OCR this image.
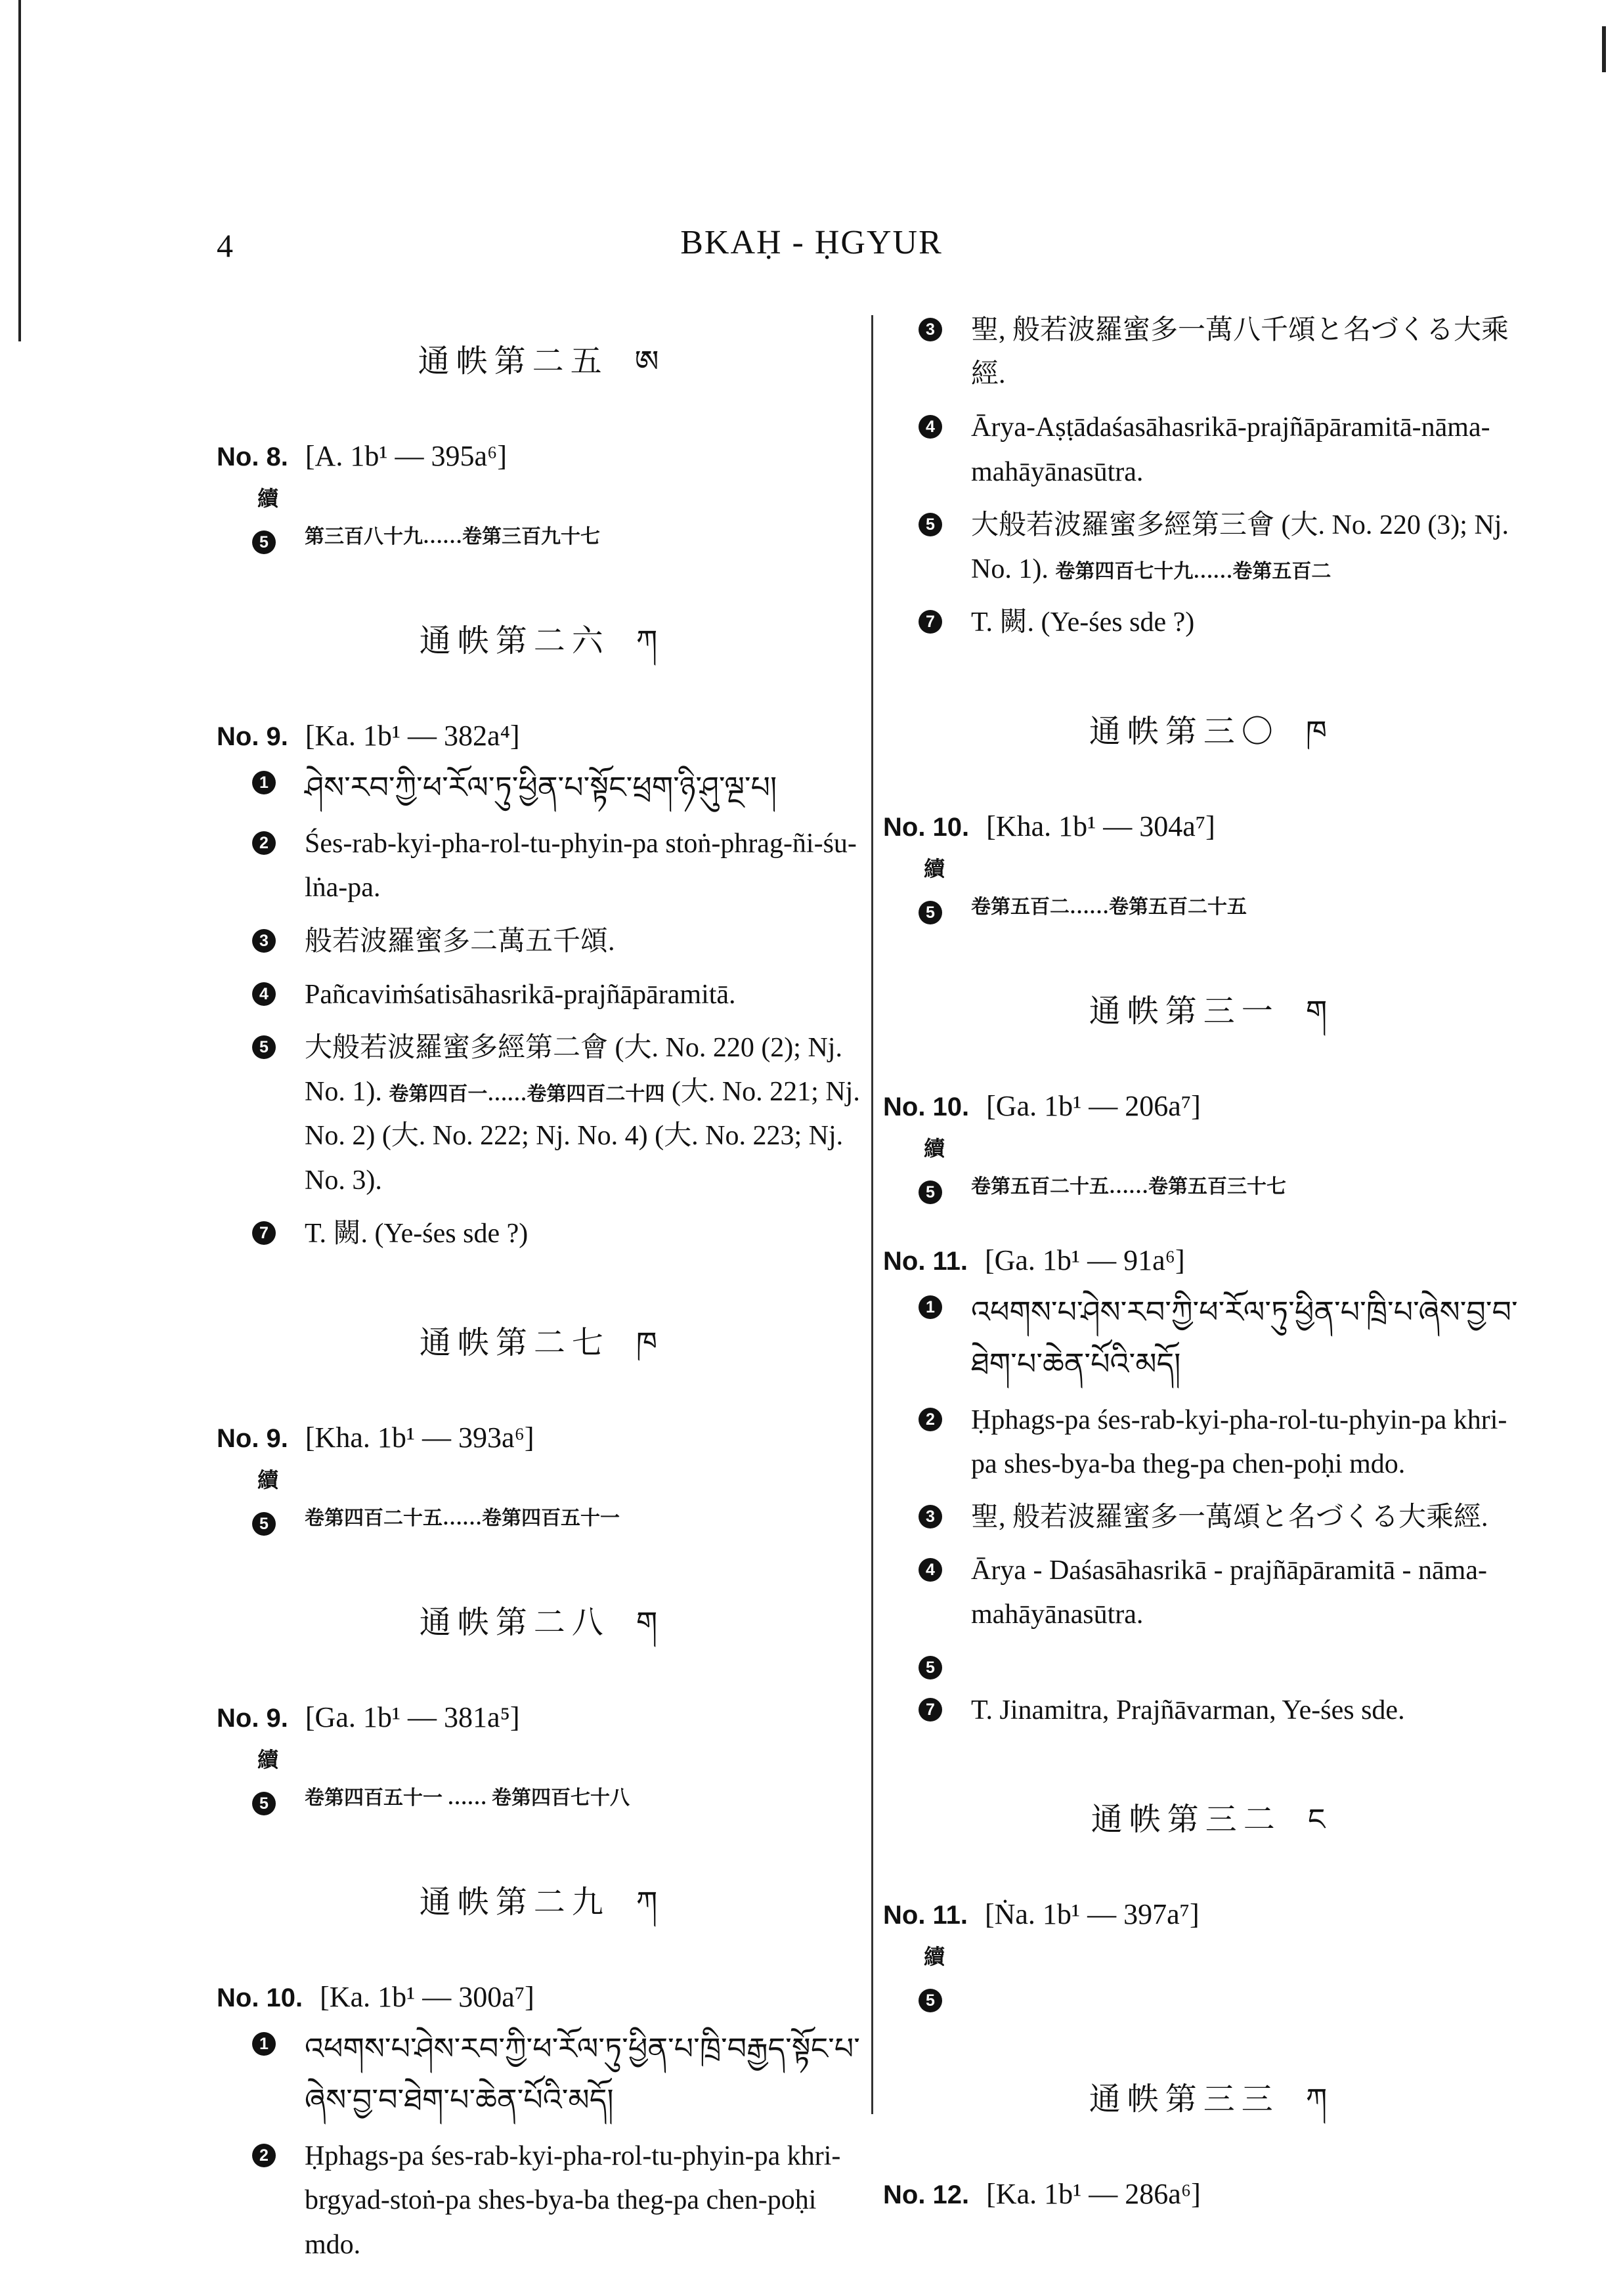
4	BKAḤ - ḤGYUR
通帙第二五 ཨ
No. 8. [A. 1b¹ — 395a⁶]
續
5	第三百八十九……卷第三百九十七
通帙第二六 ཀ
No. 9. [Ka. 1b¹ — 382a⁴]
1 ཤེས་རབ་ཀྱི་ཕ་རོལ་ཏུ་ཕྱིན་པ་སྟོང་ཕྲག་ཉི་ཤུ་ལྔ་པ།
2 Śes-rab-kyi-pha-rol-tu-phyin-pa stoṅ-phrag-ñi-śu-lṅa-pa.
3 般若波羅蜜多二萬五千頌.
4 Pañcaviṁśatisāhasrikā-prajñāpāramitā.
5 大般若波羅蜜多經第二會 (大. No. 220 (2); Nj. No. 1). 卷第四百一……卷第四百二十四 (大. No. 221; Nj. No. 2) (大. No. 222; Nj. No. 4) (大. No. 223; Nj. No. 3).
7 T. 闕. (Ye-śes sde ?)
通帙第二七 ཁ
No. 9. [Kha. 1b¹ — 393a⁶]
續
5	卷第四百二十五……卷第四百五十一
通帙第二八 ག
No. 9. [Ga. 1b¹ — 381a⁵]
續
5	卷第四百五十一 …… 卷第四百七十八
通帙第二九 ཀ
No. 10. [Ka. 1b¹ — 300a⁷]
1 འཕགས་པ་ཤེས་རབ་ཀྱི་ཕ་རོལ་ཏུ་ཕྱིན་པ་ཁྲི་བརྒྱད་སྟོང་པ་ཞེས་བྱ་བ་ཐེག་པ་ཆེན་པོའི་མདོ།
2 Ḥphags-pa śes-rab-kyi-pha-rol-tu-phyin-pa khri-brgyad-stoṅ-pa shes-bya-ba theg-pa chen-poḥi mdo.
3 聖, 般若波羅蜜多一萬八千頌と名づくる大乘經.
4 Ārya-Aṣṭādaśasāhasrikā-prajñāpāramitā-nāma-mahāyānasūtra.
5 大般若波羅蜜多經第三會 (大. No. 220 (3); Nj. No. 1). 卷第四百七十九……卷第五百二
7 T. 闕. (Ye-śes sde ?)
通帙第三〇 ཁ
No. 10. [Kha. 1b¹ — 304a⁷]
續
5	卷第五百二……卷第五百二十五
通帙第三一 ག
No. 10. [Ga. 1b¹ — 206a⁷]
續
5	卷第五百二十五……卷第五百三十七
No. 11. [Ga. 1b¹ — 91a⁶]
1 འཕགས་པ་ཤེས་རབ་ཀྱི་ཕ་རོལ་ཏུ་ཕྱིན་པ་ཁྲི་པ་ཞེས་བྱ་བ་ཐེག་པ་ཆེན་པོའི་མདོ།
2 Ḥphags-pa śes-rab-kyi-pha-rol-tu-phyin-pa khri-pa shes-bya-ba theg-pa chen-poḥi mdo.
3 聖, 般若波羅蜜多一萬頌と名づくる大乘經.
4 Ārya - Daśasāhasrikā - prajñāpāramitā - nāma-mahāyānasūtra.
5
7 T. Jinamitra, Prajñāvarman, Ye-śes sde.
通帙第三二 ང
No. 11. [Ṅa. 1b¹ — 397a⁷]
續
5
通帙第三三 ཀ
No. 12. [Ka. 1b¹ — 286a⁶]
